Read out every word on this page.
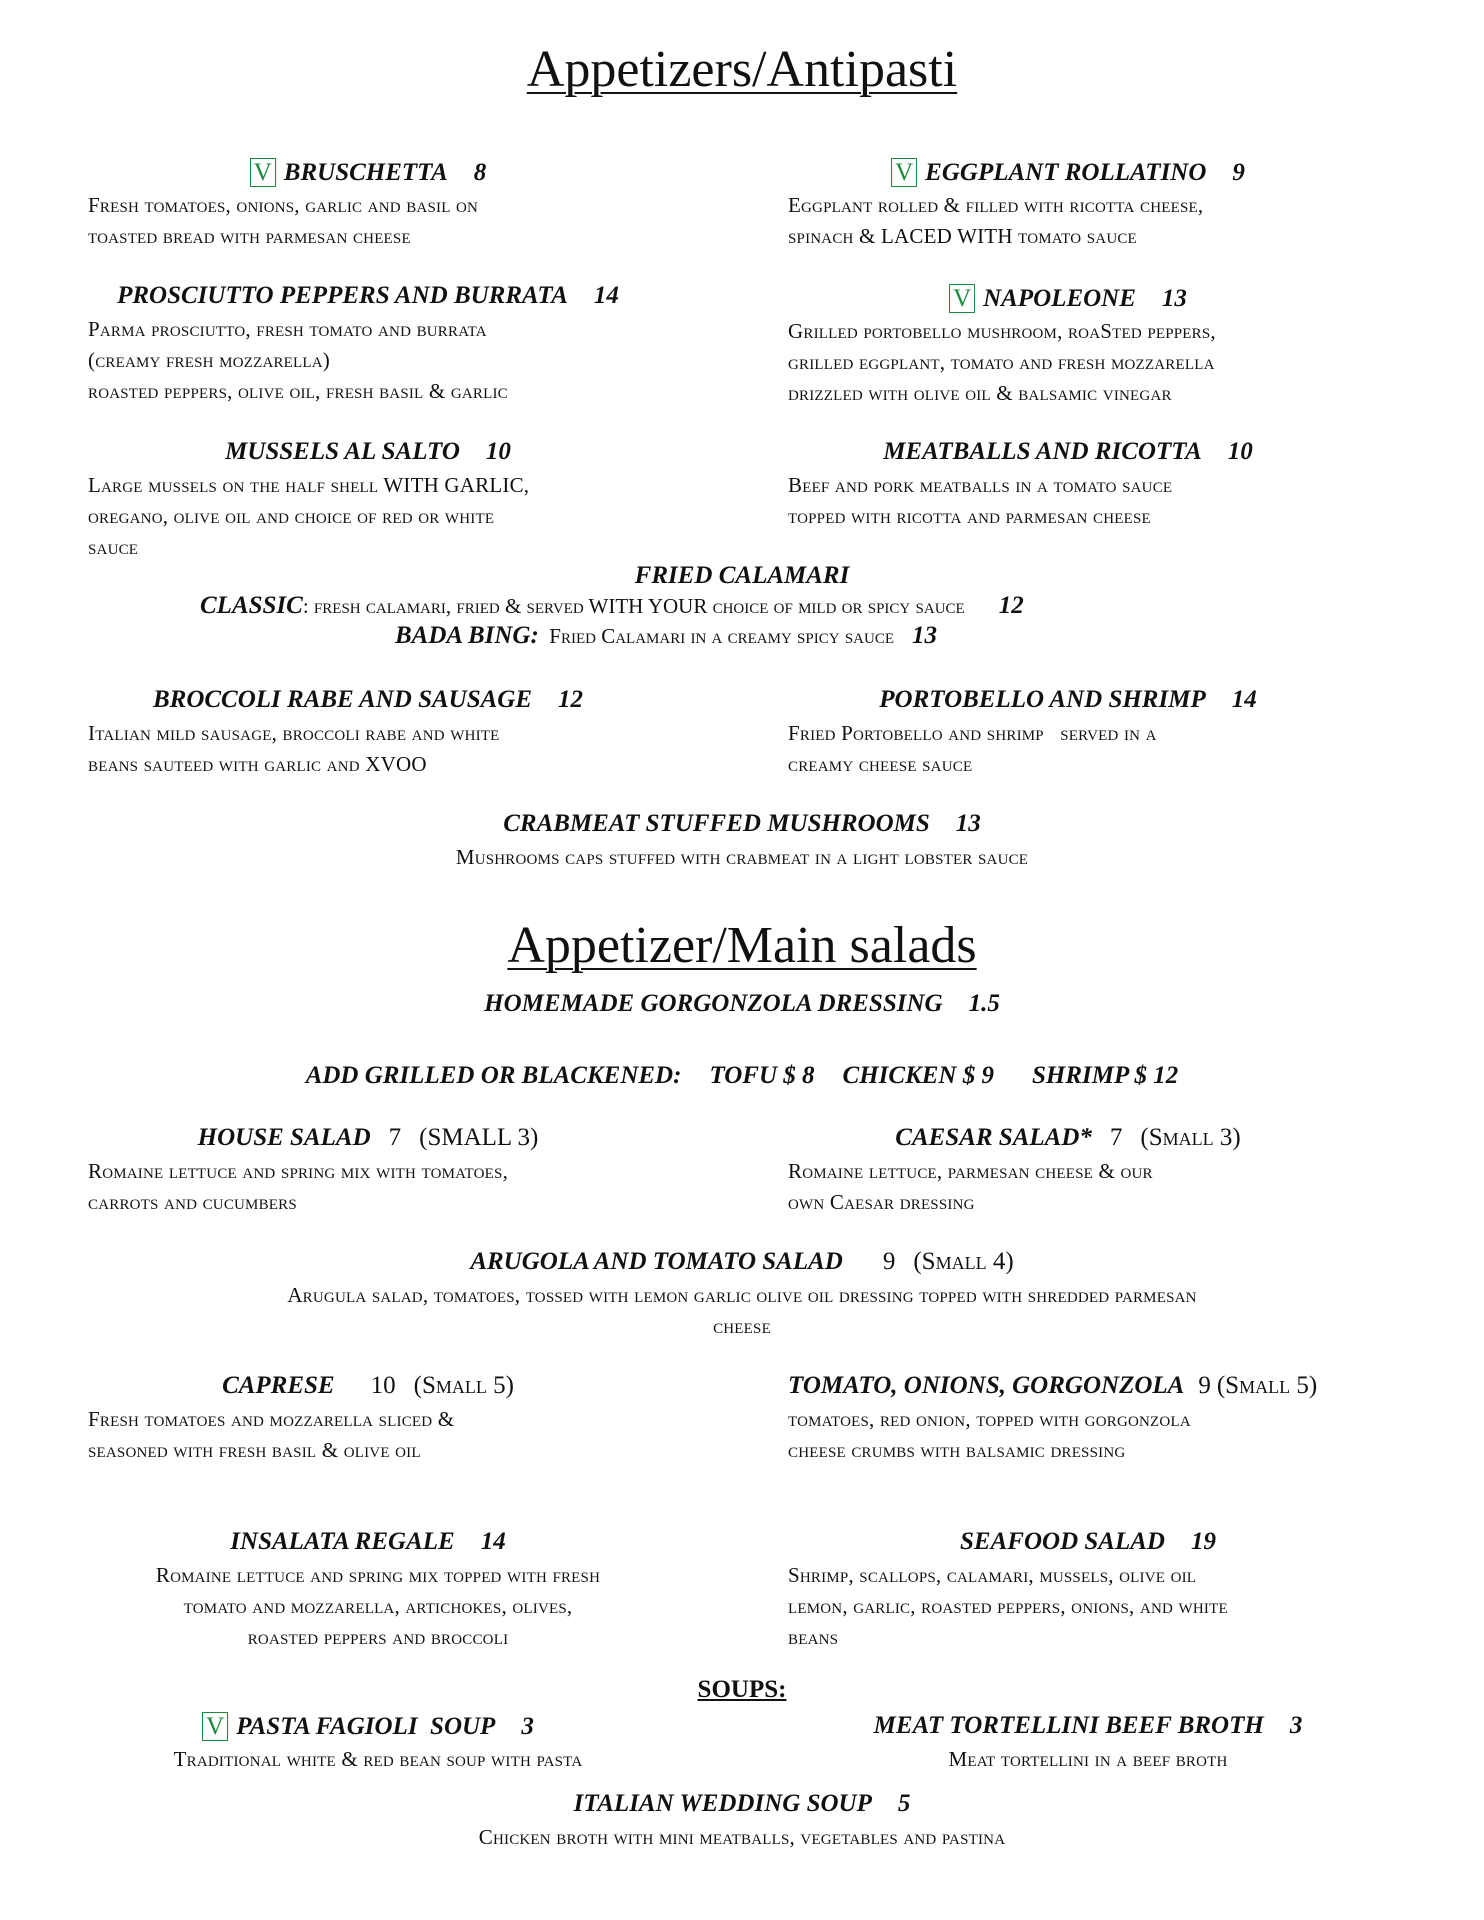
Appetizers/Antipasti
V BRUSCHETTA 8
Fresh tomatoes, onions, garlic and basil on
toasted bread with parmesan cheese
V EGGPLANT ROLLATINO 9
Eggplant rolled & filled with ricotta cheese,
spinach & LACED WITH tomato sauce
PROSCIUTTO PEPPERS AND BURRATA 14
Parma prosciutto, fresh tomato and burrata
(creamy fresh mozzarella)
roasted peppers, olive oil, fresh basil & garlic
V NAPOLEONE 13
Grilled portobello mushroom, roaSted peppers,
grilled eggplant, tomato and fresh mozzarella
drizzled with olive oil & balsamic vinegar
MUSSELS AL SALTO 10
Large mussels on the half shell WITH GARLIC,
oregano, olive oil and choice of red or white
sauce
MEATBALLS AND RICOTTA 10
Beef and pork meatballs in a tomato sauce
topped with ricotta and parmesan cheese
FRIED CALAMARI
CLASSIC: fresh calamari, fried & served WITH YOUR choice of mild or spicy sauce 12
BADA BING: Fried Calamari in a creamy spicy sauce 13
BROCCOLI RABE AND SAUSAGE 12
Italian mild sausage, broccoli rabe and white
beans sauteed with garlic and XVOO
PORTOBELLO AND SHRIMP 14
Fried Portobello and shrimp   served in a
creamy cheese sauce
CRABMEAT STUFFED MUSHROOMS 13
Mushrooms caps stuffed with crabmeat in a light lobster sauce
Appetizer/Main salads
HOMEMADE GORGONZOLA DRESSING 1.5
ADD GRILLED OR BLACKENED: TOFU $ 8 CHICKEN $ 9 SHRIMP $ 12
HOUSE SALAD 7 (SMALL 3)
Romaine lettuce and spring mix with tomatoes,
carrots and cucumbers
CAESAR SALAD* 7 (Small 3)
Romaine lettuce, parmesan cheese & our
own Caesar dressing
ARUGOLA AND TOMATO SALAD 9 (Small 4)
Arugula salad, tomatoes, tossed with lemon garlic olive oil dressing topped with shredded parmesan
cheese
CAPRESE 10 (Small 5)
Fresh tomatoes and mozzarella sliced &
seasoned with fresh basil & olive oil
TOMATO, ONIONS, GORGONZOLA 9 (Small 5)
tomatoes, red onion, topped with gorgonzola
cheese crumbs with balsamic dressing
INSALATA REGALE 14
Romaine lettuce and spring mix topped with fresh
tomato and mozzarella, artichokes, olives,
roasted peppers and broccoli
SEAFOOD SALAD 19
Shrimp, scallops, calamari, mussels, olive oil
lemon, garlic, roasted peppers, onions, and white
beans
SOUPS:
V PASTA FAGIOLI  SOUP 3
Traditional white & red bean soup with pasta
MEAT TORTELLINI BEEF BROTH 3
Meat tortellini in a beef broth
ITALIAN WEDDING SOUP 5
Chicken broth with mini meatballs, vegetables and pastina
